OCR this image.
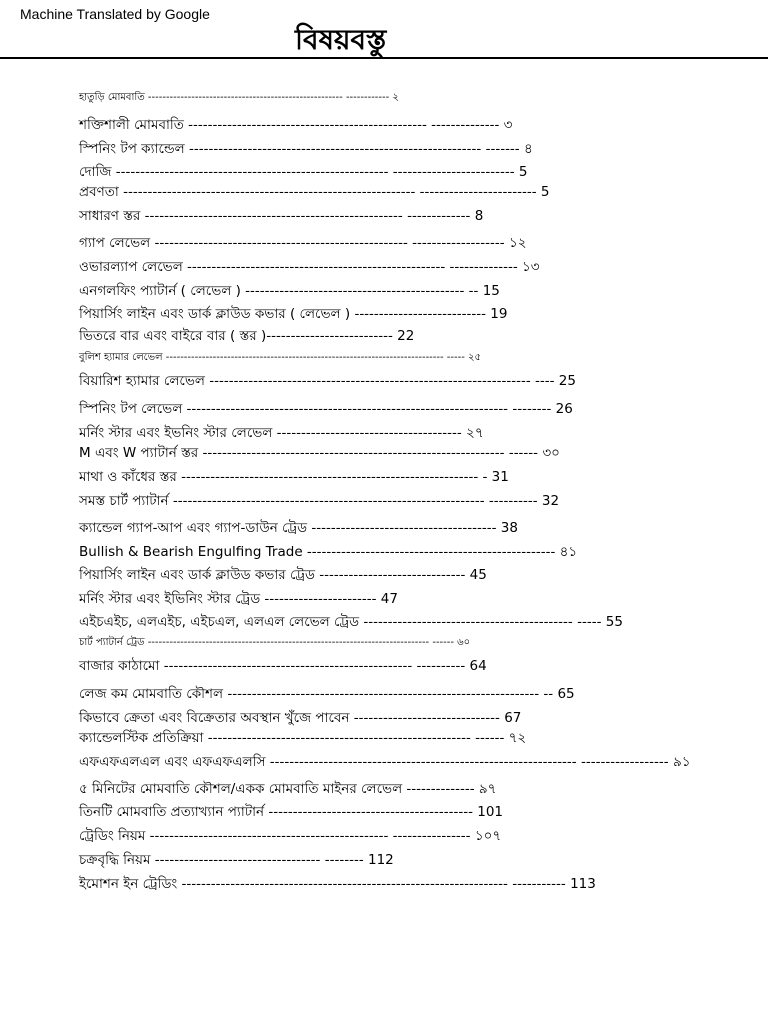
Machine Translated by Google
বিষয়বস্তু
হাতুড়ি মোমবাতি ------------------------------------------------------ ------------ ২
শক্তিশালী মোমবাতি ------------------------------------------------- -------------- ৩
স্পিনিং টপ ক্যান্ডেল ------------------------------------------------------------ ------- ৪
দোজি -------------------------------------------------------- ------------------------- 5
প্রবণতা ------------------------------------------------------------ ------------------------ 5
সাধারণ স্তর ----------------------------------------------------- ------------- 8
গ্যাপ লেভেল ---------------------------------------------------- ------------------- ১২
ওভারল্যাপ লেভেল ----------------------------------------------------- -------------- ১৩
এনগলফিং প্যাটার্ন ( লেভেল ) --------------------------------------------- -- 15
পিয়ার্সিং লাইন এবং ডার্ক ক্লাউড কভার ( লেভেল ) --------------------------- 19
ভিতরে বার এবং বাইরে বার ( স্তর )-------------------------- 22
বুলিশ হ্যামার লেভেল ----------------------------------------------------------------------------- ----- ২৫
বিয়ারিশ হ্যামার লেভেল ------------------------------------------------------------------ ---- 25
স্পিনিং টপ লেভেল ------------------------------------------------------------------ -------- 26
মর্নিং স্টার এবং ইভনিং স্টার লেভেল -------------------------------------- ২৭
M এবং W প্যাটার্ন স্তর -------------------------------------------------------------- ------ ৩০
মাথা ও কাঁধের স্তর ------------------------------------------------------------- - 31
সমস্ত চার্ট প্যাটার্ন ---------------------------------------------------------------- ---------- 32
ক্যান্ডেল গ্যাপ-আপ এবং গ্যাপ-ডাউন ট্রেড -------------------------------------- 38
Bullish & Bearish Engulfing Trade --------------------------------------------------- ৪১
পিয়ার্সিং লাইন এবং ডার্ক ক্লাউড কভার ট্রেড ------------------------------ 45
মর্নিং স্টার এবং ইভিনিং স্টার ট্রেড ----------------------- 47
এইচএইচ, এলএইচ, এইচএল, এলএল লেভেল ট্রেড ------------------------------------------- ----- 55
চার্ট প্যাটার্ন ট্রেড ------------------------------------------------------------------------------ ------ ৬০
বাজার কাঠামো --------------------------------------------------- ---------- 64
লেজ কম মোমবাতি কৌশল ---------------------------------------------------------------- -- 65
কিভাবে ক্রেতা এবং বিক্রেতার অবস্থান খুঁজে পাবেন ------------------------------ 67
ক্যান্ডেলস্টিক প্রতিক্রিয়া ------------------------------------------------------ ------ ৭২
এফএফএলএল এবং এফএফএলসি --------------------------------------------------------------- ------------------ ৯১
৫ মিনিটের মোমবাতি কৌশল/একক মোমবাতি মাইনর লেভেল -------------- ৯৭
তিনটি মোমবাতি প্রত্যাখ্যান প্যাটার্ন ------------------------------------------ 101
ট্রেডিং নিয়ম ------------------------------------------------- ---------------- ১০৭
চক্রবৃদ্ধি নিয়ম ---------------------------------- -------- 112
ইমোশন ইন ট্রেডিং ------------------------------------------------------------------- ----------- 113
